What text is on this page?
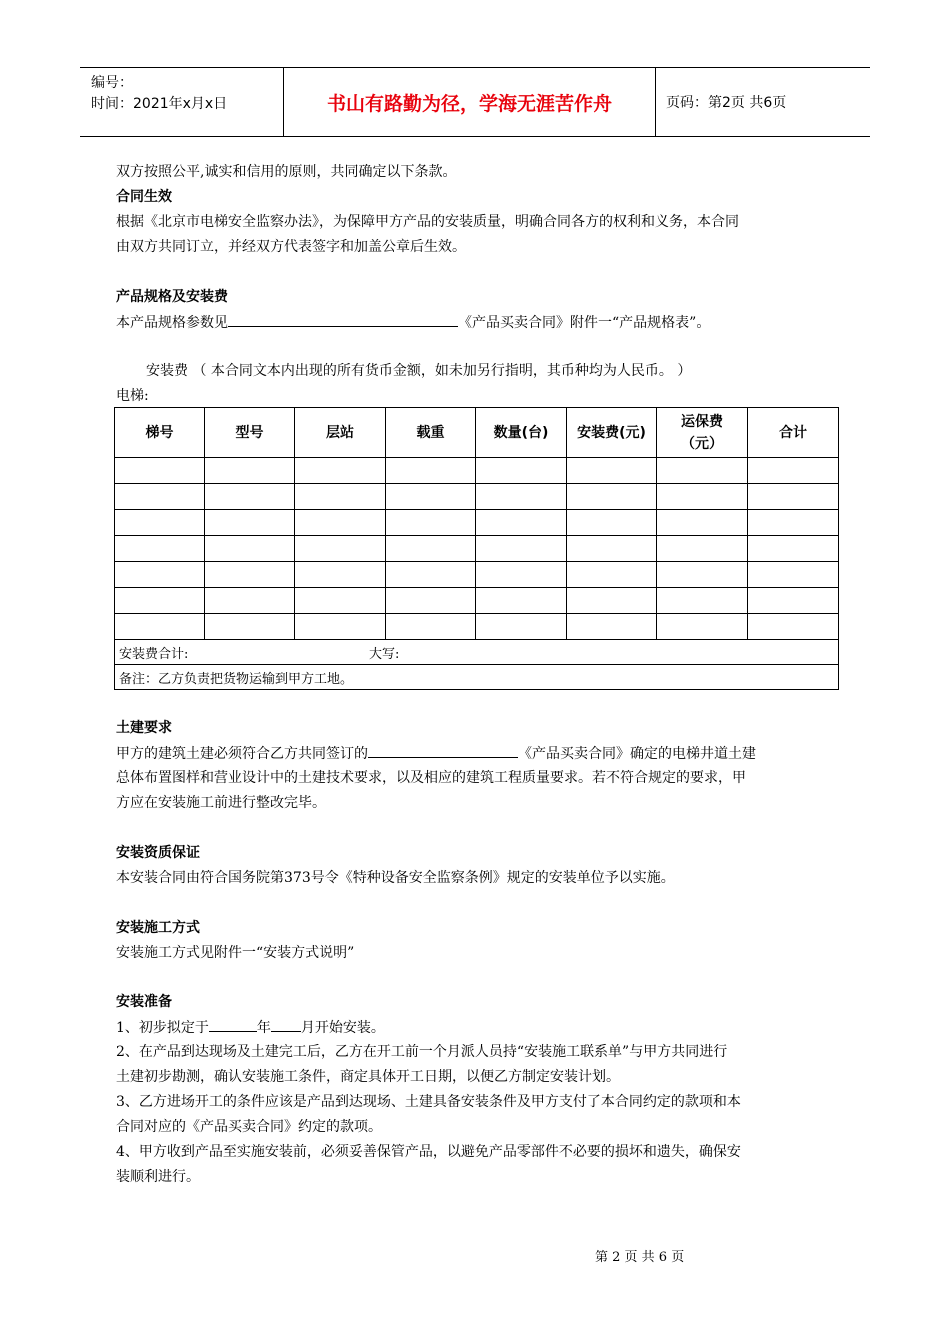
编号：
时间：2021年x月x日	书山有路勤为径，学海无涯苦作舟	页码：第2页 共6页
双方按照公平,诚实和信用的原则，共同确定以下条款。
合同生效
根据《北京市电梯安全监察办法》，为保障甲方产品的安装质量，明确合同各方的权利和义务，本合同
由双方共同订立，并经双方代表签字和加盖公章后生效。
产品规格及安装费
本产品规格参数见	《产品买卖合同》附件一“产品规格表”。
安装费 （ 本合同文本内出现的所有货币金额，如未加另行指明，其币种均为人民币。 ）
电梯:
梯号	型号	层站	载重	数量(台)	安装费(元)	运保费（元）	合计

安装费合计: 大写:							
备注：乙方负责把货物运输到甲方工地。							
土建要求
甲方的建筑土建必须符合乙方共同签订的	《产品买卖合同》确定的电梯井道土建
总体布置图样和营业设计中的土建技术要求，以及相应的建筑工程质量要求。若不符合规定的要求，甲
方应在安装施工前进行整改完毕。
安装资质保证
本安装合同由符合国务院第373号令《特种设备安全监察条例》规定的安装单位予以实施。
安装施工方式
安装施工方式见附件一“安装方式说明”
安装准备
1、初步拟定于	年 月开始安装。
2、在产品到达现场及土建完工后，乙方在开工前一个月派人员持“安装施工联系单”与甲方共同进行
土建初步勘测，确认安装施工条件，商定具体开工日期，以便乙方制定安装计划。
3、乙方进场开工的条件应该是产品到达现场、土建具备安装条件及甲方支付了本合同约定的款项和本
合同对应的《产品买卖合同》约定的款项。
4、甲方收到产品至实施安装前，必须妥善保管产品，以避免产品零部件不必要的损坏和遗失，确保安
装顺利进行。
第 2 页 共 6 页
